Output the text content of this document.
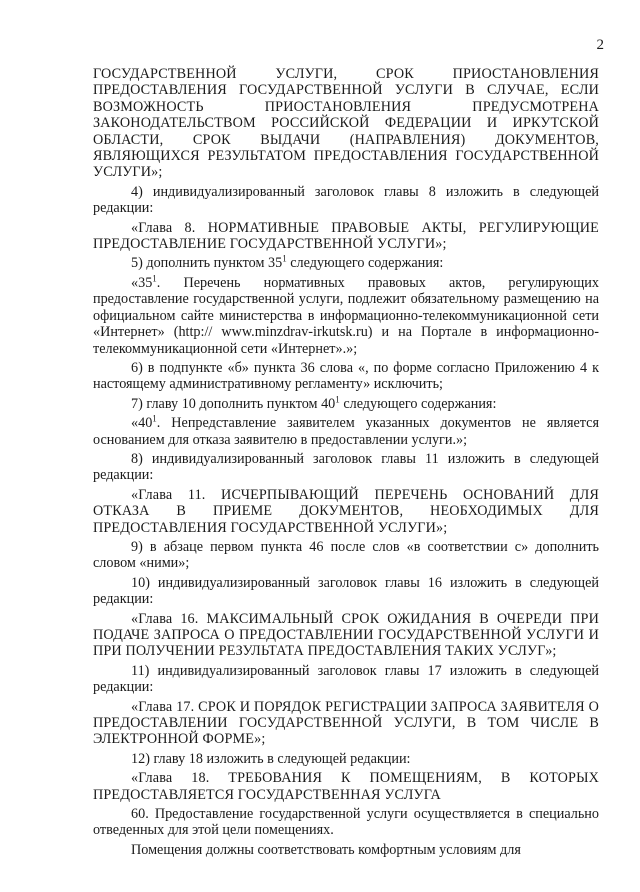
2

ГОСУДАРСТВЕННОЙ УСЛУГИ, СРОК ПРИОСТАНОВЛЕНИЯ ПРЕДОСТАВЛЕНИЯ ГОСУДАРСТВЕННОЙ УСЛУГИ В СЛУЧАЕ, ЕСЛИ ВОЗМОЖНОСТЬ ПРИОСТАНОВЛЕНИЯ ПРЕДУСМОТРЕНА ЗАКОНОДАТЕЛЬСТВОМ РОССИЙСКОЙ ФЕДЕРАЦИИ И ИРКУТСКОЙ ОБЛАСТИ, СРОК ВЫДАЧИ (НАПРАВЛЕНИЯ) ДОКУМЕНТОВ, ЯВЛЯЮЩИХСЯ РЕЗУЛЬТАТОМ ПРЕДОСТАВЛЕНИЯ ГОСУДАРСТВЕННОЙ УСЛУГИ»;

4) индивидуализированный заголовок главы 8 изложить в следующей редакции:

«Глава 8. НОРМАТИВНЫЕ ПРАВОВЫЕ АКТЫ, РЕГУЛИРУЮЩИЕ ПРЕДОСТАВЛЕНИЕ ГОСУДАРСТВЕННОЙ УСЛУГИ»;

5) дополнить пунктом $35^1$ следующего содержания:

«$35^1$. Перечень нормативных правовых актов, регулирующих предоставление государственной услуги, подлежит обязательному размещению на официальном сайте министерства в информационно-телекоммуникационной сети «Интернет» (http:// www.minzdrav-irkutsk.ru) и на Портале в информационно-телекоммуникационной сети «Интернет».»;

6) в подпункте «б» пункта 36 слова «, по форме согласно Приложению 4 к настоящему административному регламенту» исключить;

7) главу 10 дополнить пунктом $40^1$ следующего содержания:

«$40^1$. Непредставление заявителем указанных документов не является основанием для отказа заявителю в предоставлении услуги.»;

8) индивидуализированный заголовок главы 11 изложить в следующей редакции:

«Глава 11. ИСЧЕРПЫВАЮЩИЙ ПЕРЕЧЕНЬ ОСНОВАНИЙ ДЛЯ ОТКАЗА В ПРИЕМЕ ДОКУМЕНТОВ, НЕОБХОДИМЫХ ДЛЯ ПРЕДОСТАВЛЕНИЯ ГОСУДАРСТВЕННОЙ УСЛУГИ»;

9) в абзаце первом пункта 46 после слов «в соответствии с» дополнить словом «ними»;

10) индивидуализированный заголовок главы 16 изложить в следующей редакции:

«Глава 16. МАКСИМАЛЬНЫЙ СРОК ОЖИДАНИЯ В ОЧЕРЕДИ ПРИ ПОДАЧЕ ЗАПРОСА О ПРЕДОСТАВЛЕНИИ ГОСУДАРСТВЕННОЙ УСЛУГИ И ПРИ ПОЛУЧЕНИИ РЕЗУЛЬТАТА ПРЕДОСТАВЛЕНИЯ ТАКИХ УСЛУГ»;

11) индивидуализированный заголовок главы 17 изложить в следующей редакции:

«Глава 17. СРОК И ПОРЯДОК РЕГИСТРАЦИИ ЗАПРОСА ЗАЯВИТЕЛЯ О ПРЕДОСТАВЛЕНИИ ГОСУДАРСТВЕННОЙ УСЛУГИ, В ТОМ ЧИСЛЕ В ЭЛЕКТРОННОЙ ФОРМЕ»;

12) главу 18 изложить в следующей редакции:

«Глава 18. ТРЕБОВАНИЯ К ПОМЕЩЕНИЯМ, В КОТОРЫХ ПРЕДОСТАВЛЯЕТСЯ ГОСУДАРСТВЕННАЯ УСЛУГА

60. Предоставление государственной услуги осуществляется в специально отведенных для этой цели помещениях.

Помещения должны соответствовать комфортным условиям для
